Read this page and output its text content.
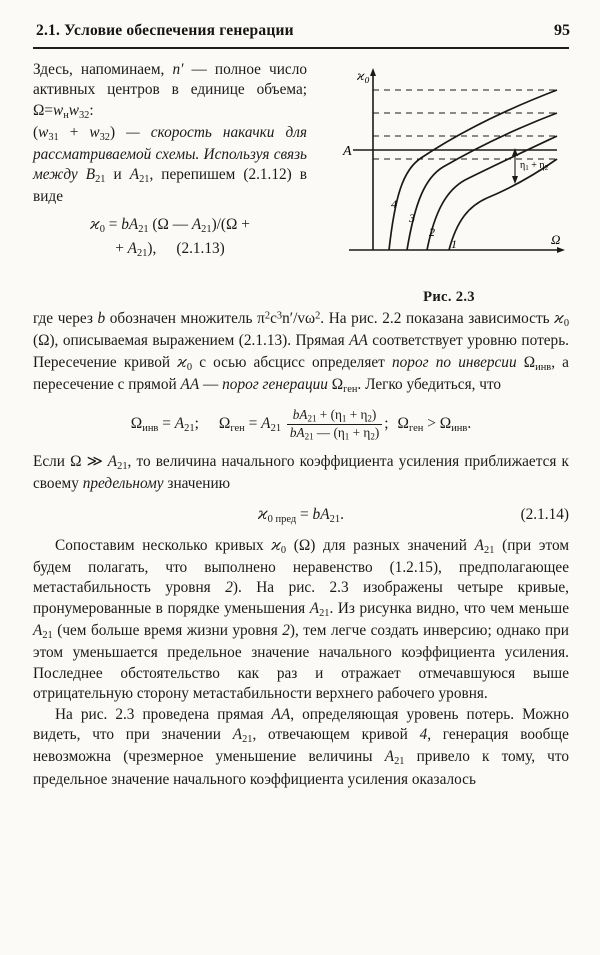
2.1. Условие обеспечения генерации	95

Здесь, напоминаем, n′ — полное число активных центров в единице объема; $\Omega=w_нw_{32}$:
$(w_{31} + w_{32})$ — скорость накачки для рассматриваемой схемы. Используя связь между $B_{21}$ и $A_{21}$, перепишем (2.1.12) в виде

$ϰ_0 = bA_{21}$ (Ω — $A_{21})/(\Omega$ +
+ $A_{21}$), (2.1.13)
$ϰ_0$
Ω
A
$\eta_1 + \eta_2$
4
3
2
1
Рис. 2.3

где через b обозначен множитель $\pi^2c^3n'/v\omega^2$. На рис. 2.2 показана зависимость $ϰ_0$ (Ω), описываемая выражением (2.1.13). Прямая AA соответствует уровню потерь. Пересечение кривой $ϰ_0$ с осью абсцисс определяет порог по инверсии $\Omega_{инв}$, а пересечение с прямой AA — порог генерации $\Omega_{ген}$. Легко убедиться, что

$\Omega_{инв} = A_{21}$; $\Omega_{ген} = A_{21} \frac{bA_{21} + (\eta_1 + \eta_2)}{bA_{21} — (\eta_1 + \eta_2)}$ ; $\Omega_{ген} > \Omega_{инв}$.

Если Ω ≫ $A_{21}$, то величина начального коэффициента усиления приближается к своему предельному значению

$ϰ_{0 пред} = bA_{21}$.	(2.1.14)

Сопоставим несколько кривых $ϰ_0$ (Ω) для разных значений $A_{21}$ (при этом будем полагать, что выполнено неравенство (1.2.15), предполагающее метастабильность уровня 2). На рис. 2.3 изображены четыре кривые, пронумерованные в порядке уменьшения $A_{21}$. Из рисунка видно, что чем меньше $A_{21}$ (чем больше время жизни уровня 2), тем легче создать инверсию; однако при этом уменьшается предельное значение начального коэффициента усиления. Последнее обстоятельство как раз и отражает отмечавшуюся выше отрицательную сторону метастабильности верхнего рабочего уровня.

На рис. 2.3 проведена прямая AA, определяющая уровень потерь. Можно видеть, что при значении $A_{21}$, отвечающем кривой 4, генерация вообще невозможна (чрезмерное уменьшение величины $A_{21}$ привело к тому, что предельное значение начального коэффициента усиления оказалось
